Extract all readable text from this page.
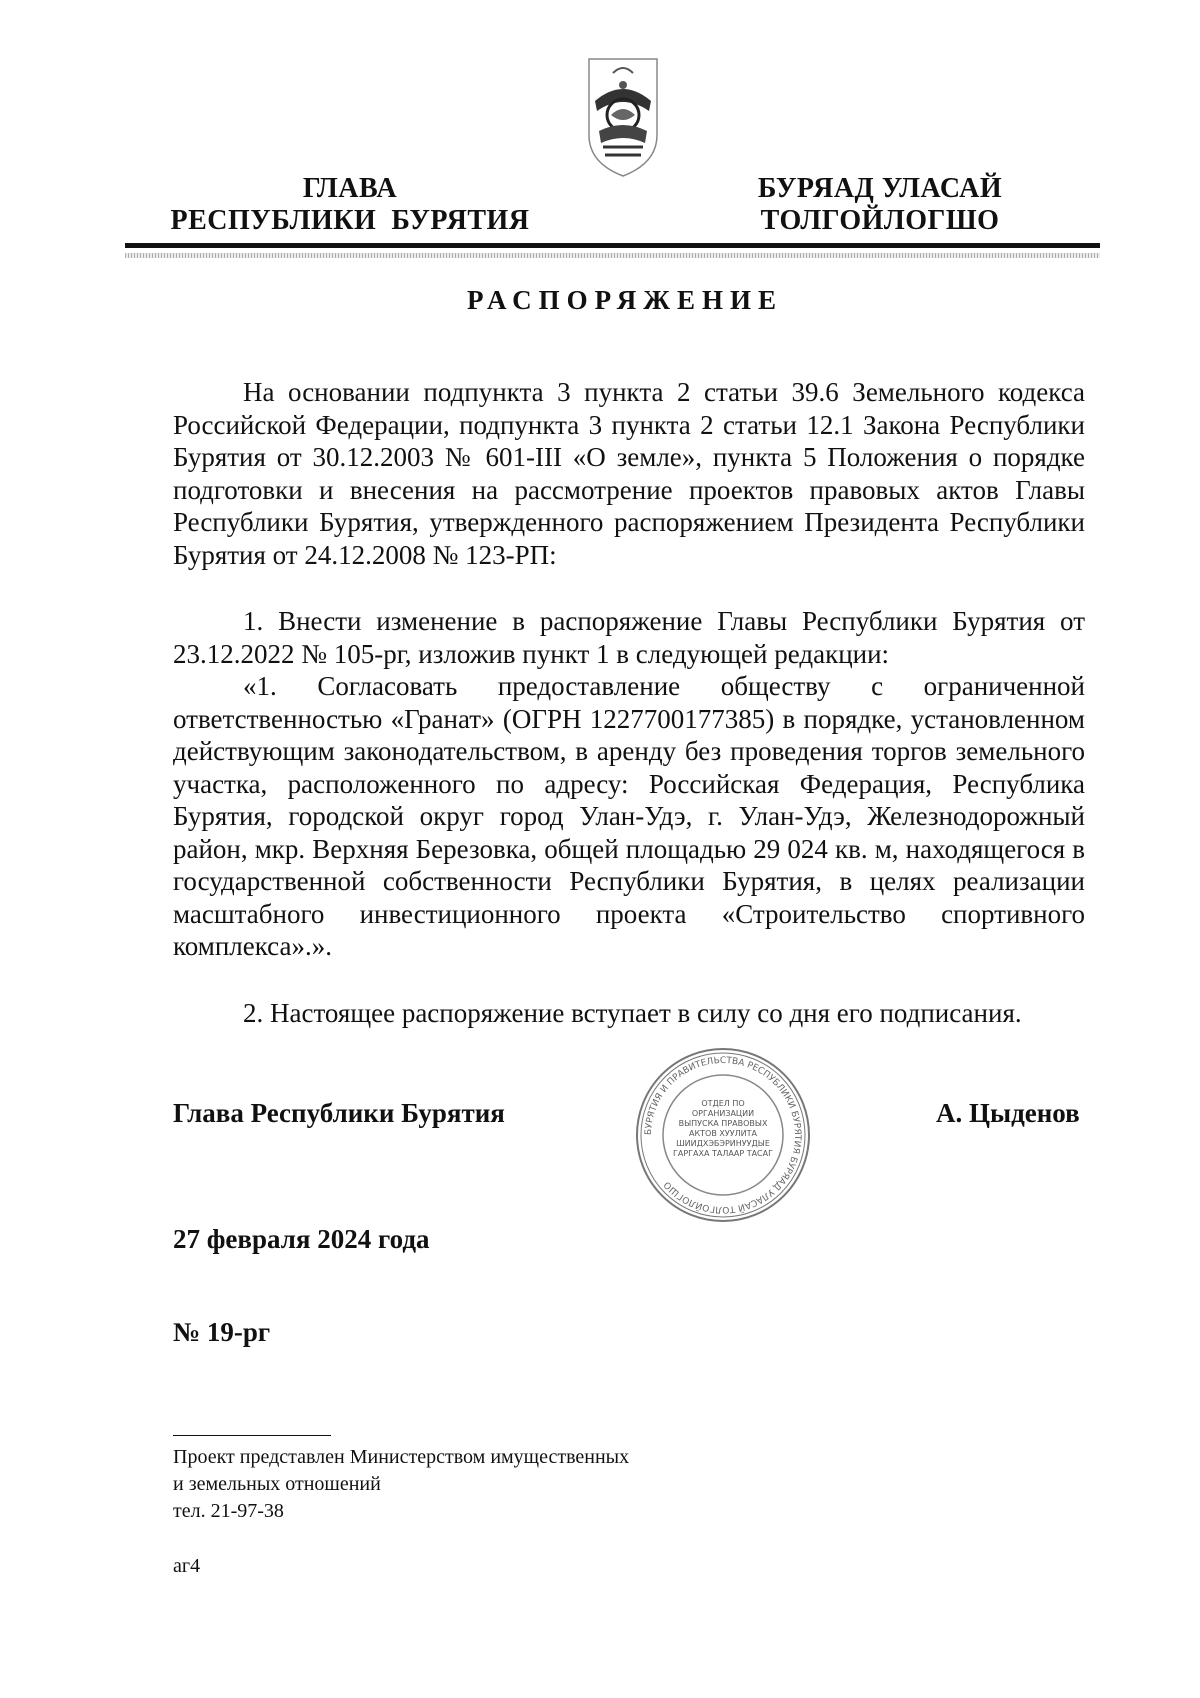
ГЛАВА
РЕСПУБЛИКИ  БУРЯТИЯ
БУРЯАД УЛАСАЙ
ТОЛГОЙЛОГШО
РАСПОРЯЖЕНИЕ

На основании подпункта 3 пункта 2 статьи 39.6 Земельного кодекса Российской Федерации, подпункта 3 пункта 2 статьи 12.1 Закона Республики Бурятия от 30.12.2003 № 601-III «О земле», пункта 5 Положения о порядке подготовки и внесения на рассмотрение проектов правовых актов Главы Республики Бурятия, утвержденного распоряжением Президента Республики Бурятия от 24.12.2008 № 123-РП:

1. Внести изменение в распоряжение Главы Республики Бурятия от 23.12.2022 № 105-рг, изложив пункт 1 в следующей редакции:

«1. Согласовать предоставление обществу с ограниченной ответственностью «Гранат» (ОГРН 1227700177385) в порядке, установленном действующим законодательством, в аренду без проведения торгов земельного участка, расположенного по адресу: Российская Федерация, Республика Бурятия, городской округ город Улан-Удэ, г. Улан-Удэ, Железнодорожный район, мкр. Верхняя Березовка, общей площадью 29 024 кв. м, находящегося в государственной собственности Республики Бурятия, в целях реализации масштабного инвестиционного проекта «Строительство спортивного комплекса».».

2. Настоящее распоряжение вступает в силу со дня его подписания.

Глава Республики Бурятия
БУРЯТИЯ И ПРАВИТЕЛЬСТВА РЕСПУБЛИКИ БУРЯТИЯ БУРЯАД УЛАСАЙ ТОЛГОЙЛОГШО
ОТДЕЛ ПО ОРГАНИЗАЦИИ ВЫПУСКА ПРАВОВЫХ АКТОВ ХУУЛИТА ШИИДХЭБЭРИНУУДЫЕ ГАРГАХА ТАЛААР ТАСАГ
А. Цыденов
27 февраля 2024 года
№ 19-рг
Проект представлен Министерством имущественных
и земельных отношений
тел. 21-97-38
аг4
